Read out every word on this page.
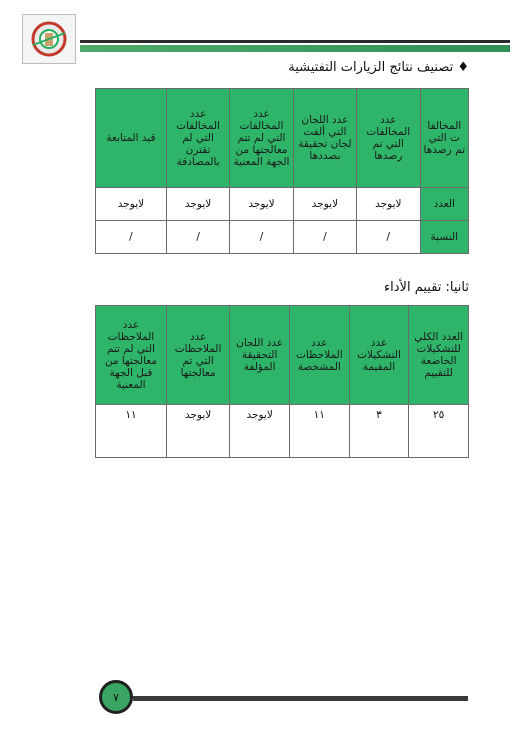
♦ تصنيف نتائج الزيارات التفتيشية
المخالفات التي تم رصدها	عدد المخالفات التي تم رصدها	عدد اللجان التي ألفت لجان تحقيقة بصددها	عدد المخالفات التي لم تتم معالجتها من الجهة المعنية	عدد المخالفات التي لم تقترن بالمصادقة	قيد المتابعة
العدد	لايوجد	لايوجد	لايوجد	لايوجد	لايوجد
النسبة	/	/	/	/	/
ثانيا: تقييم الأداء
العدد الكلي للتشكيلات الخاضعة للتقييم	عدد التشكيلات المقيمة	عدد الملاحظات المشخصة	عدد اللجان التحقيقة المؤلفة	عدد الملاحظات التي تم معالجتها	عدد الملاحظات التي لم تتم معالجتها من قبل الجهة المعنية
٢٥	٣	١١	لايوجد	لايوجد	١١
٧
